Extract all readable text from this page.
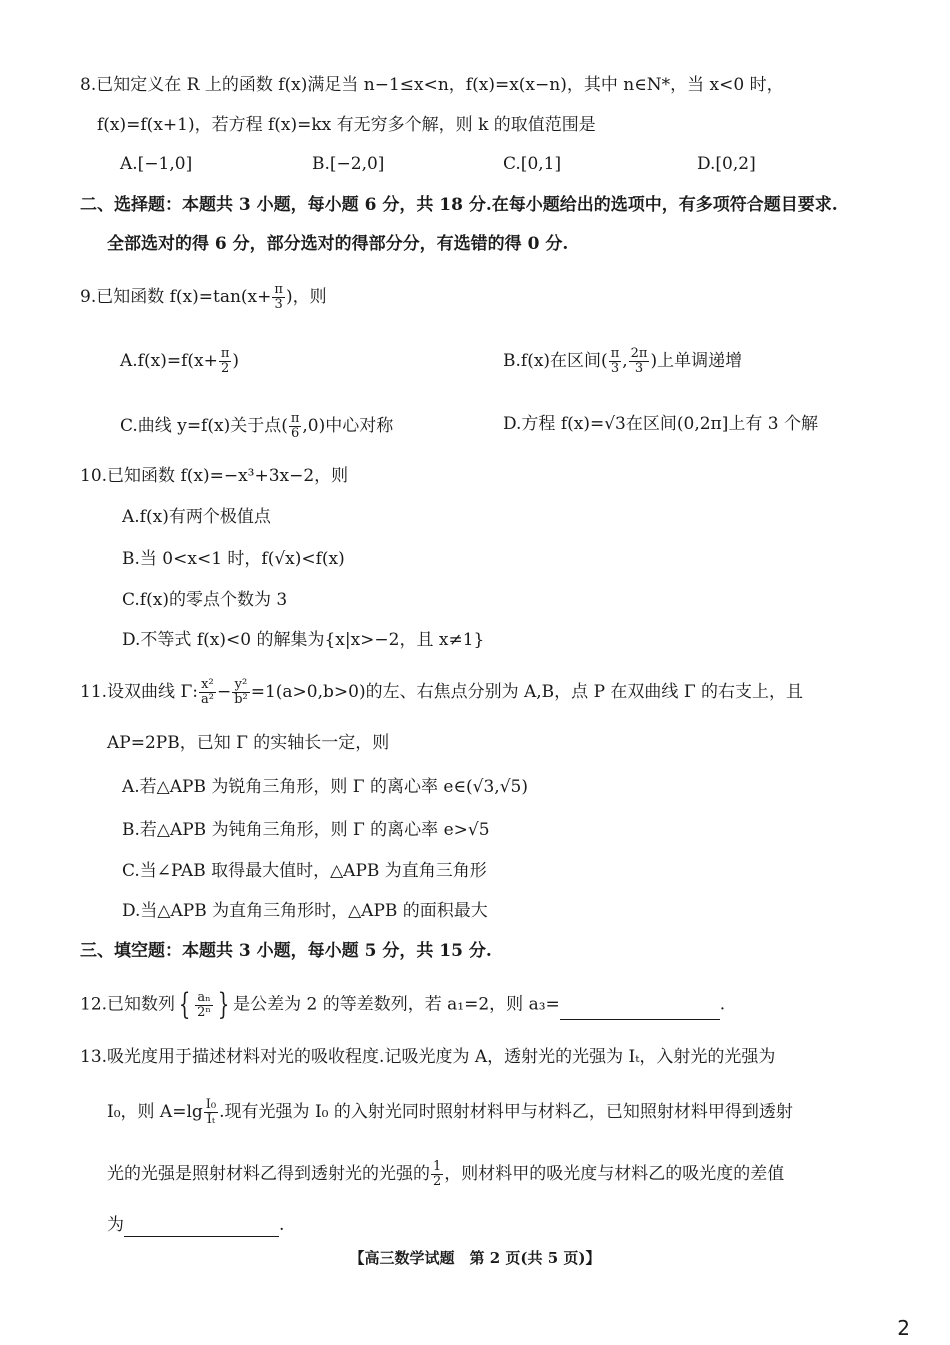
8.已知定义在 R 上的函数 f(x)满足当 n−1≤x<n，f(x)=x(x−n)，其中 n∈N*，当 x<0 时，
f(x)=f(x+1)，若方程 f(x)=kx 有无穷多个解，则 k 的取值范围是
A.[−1,0]	B.[−2,0]	C.[0,1]	D.[0,2]
二、选择题：本题共 3 小题，每小题 6 分，共 18 分.在每小题给出的选项中，有多项符合题目要求.
全部选对的得 6 分，部分选对的得部分分，有选错的得 0 分.
9.已知函数 $f(x)=\tan(x+ \frac{\pi}{3}$ )，则
$A.f(x)=f(x+ \frac{\pi}{2}$ )	B.f(x)在区间( $\frac{\pi}{3}$ , $\frac{2\pi}{3}$ )上单调递增
C.曲线 y=f(x)关于点( $\frac{\pi}{6} ,0$)中心对称	D.方程 f(x)=√3在区间(0,2π]上有 3 个解
10.已知函数 f(x)=−x³+3x−2，则
A.f(x)有两个极值点
B.当 0<x<1 时，f(√x)<f(x)
C.f(x)的零点个数为 3
D.不等式 f(x)<0 的解集为{x|x>−2，且 x≠1}
11.设双曲线 Γ: $\frac{\text{x²}}{\text{a²}} - \frac{\text{y²}}{\text{b²}} =1(a>0,b>0)$的左、右焦点分别为 A,B，点 P 在双曲线 Γ 的右支上，且
AP=2PB，已知 Γ 的实轴长一定，则
A.若△APB 为锐角三角形，则 Γ 的离心率 e∈(√3,√5)
B.若△APB 为钝角三角形，则 Γ 的离心率 e>√5
C.当∠PAB 取得最大值时，△APB 为直角三角形
D.当△APB 为直角三角形时，△APB 的面积最大
三、填空题：本题共 3 小题，每小题 5 分，共 15 分.
12.已知数列 { $\frac{\text{aₙ}}{\text{2ⁿ}}$ } 是公差为 2 的等差数列，若 a₁=2，则 a₃=	.
13.吸光度用于描述材料对光的吸收程度.记吸光度为 A，透射光的光强为 Iₜ，入射光的光强为
I₀，则 $A=\lg \frac{\text{I₀}}{\text{Iₜ}}$ .现有光强为 I₀ 的入射光同时照射材料甲与材料乙，已知照射材料甲得到透射
光的光强是照射材料乙得到透射光的光强的 $\frac{1}{2}$ ，则材料甲的吸光度与材料乙的吸光度的差值
为	.
【高三数学试题　第 2 页(共 5 页)】
2
